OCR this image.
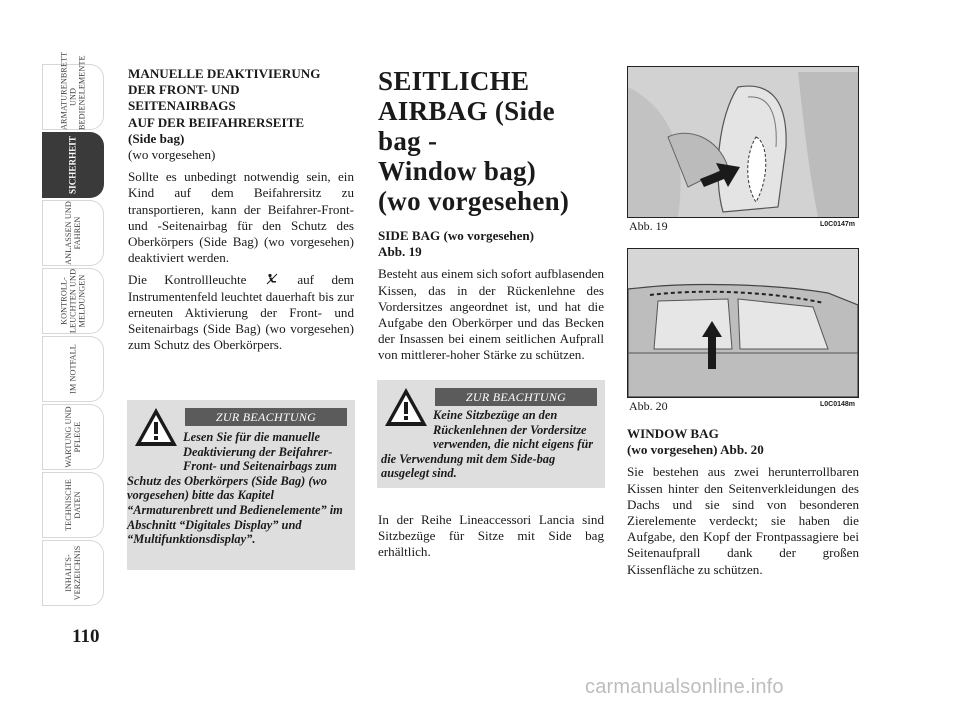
ARMATURENBRETT UND BEDIENELEMENTE
SICHERHEIT
ANLASSEN UND FAHREN
KONTROLL-LEUCHTEN UND MELDUNGEN
IM NOTFALL
WARTUNG UND PFLEGE
TECHNISCHE DATEN
INHALTS-VERZEICHNIS
110
MANUELLE DEAKTIVIERUNG
DER FRONT- UND
SEITENAIRBAGS
AUF DER BEIFAHRERSEITE
(Side bag)
(wo vorgesehen)

Sollte es unbedingt notwendig sein, ein Kind auf dem Beifahrersitz zu transportieren, kann der Beifahrer-Front- und -Seitenairbag für den Schutz des Oberkörpers (Side Bag) (wo vorgesehen) deaktiviert werden.

Die Kontrollleuchte	auf dem Instrumentenfeld leuchtet dauerhaft bis zur erneuten Aktivierung der Front- und Seitenairbags (Side Bag) (wo vorgesehen) zum Schutz des Oberkörpers.

ZUR BEACHTUNG
Lesen Sie für die manuelle Deaktivierung der Beifahrer-Front- und Seitenairbags zum Schutz des Oberkörpers (Side Bag) (wo vorgesehen) bitte das Kapitel “Armaturenbrett und Bedienelemente” im Abschnitt “Digitales Display” und “Multifunktionsdisplay”.
SEITLICHE
AIRBAG (Side bag -
Window bag)
(wo vorgesehen)
SIDE BAG (wo vorgesehen)
Abb. 19

Besteht aus einem sich sofort aufblasenden Kissen, das in der Rückenlehne des Vordersitzes angeordnet ist, und hat die Aufgabe den Oberkörper und das Becken der Insassen bei einem seitlichen Aufprall von mittlerer-hoher Stärke zu schützen.

ZUR BEACHTUNG
Keine Sitzbezüge an den Rückenlehnen der Vordersitze verwenden, die nicht eigens für die Verwendung mit dem Side-bag ausgelegt sind.

In der Reihe Lineaccessori Lancia sind Sitzbezüge für Sitze mit Side bag erhältlich.

Abb. 19	L0C0147m
Abb. 20	L0C0148m
WINDOW BAG
(wo vorgesehen) Abb. 20

Sie bestehen aus zwei herunterrollbaren Kissen hinter den Seitenverkleidungen des Dachs und sie sind von besonderen Zierelemente verdeckt; sie haben die Aufgabe, den Kopf der Frontpassagiere bei Seitenaufprall dank der großen Kissenfläche zu schützen.

carmanualsonline.info
